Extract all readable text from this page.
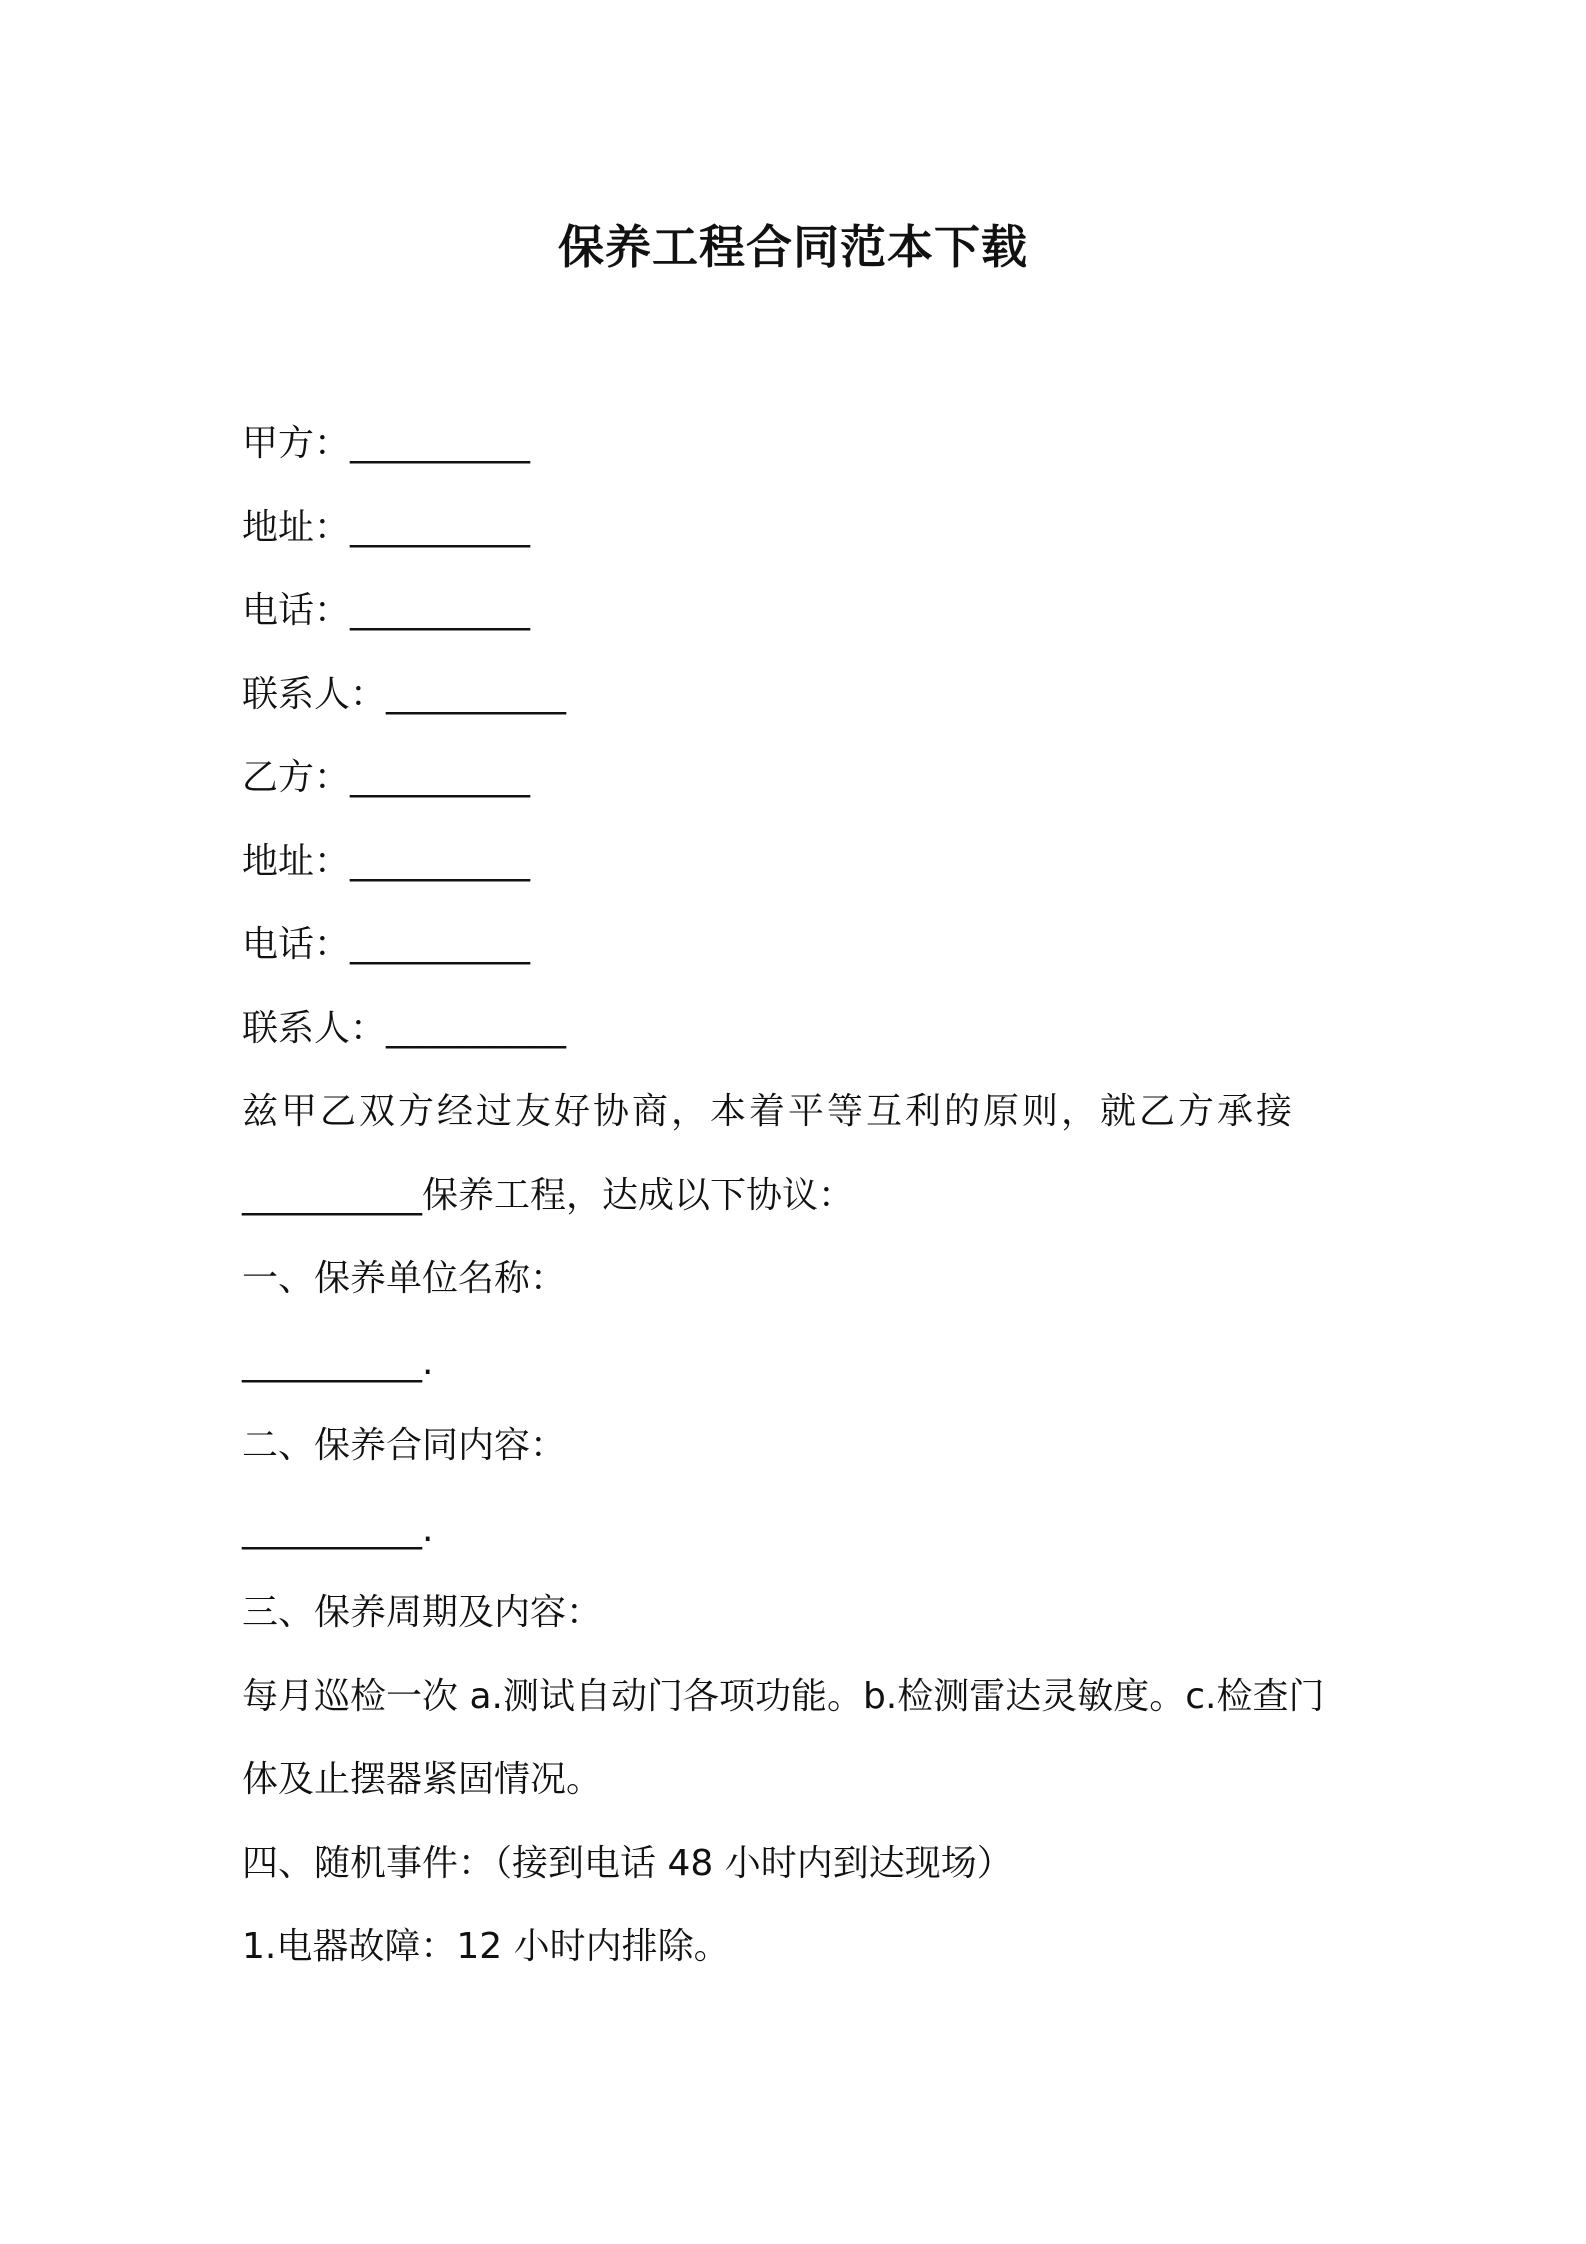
保养工程合同范本下载
甲方：__________
地址：__________
电话：__________
联系人：__________
乙方：__________
地址：__________
电话：__________
联系人：__________
兹甲乙双方经过友好协商，本着平等互利的原则，就乙方承接
__________保养工程，达成以下协议：
一、保养单位名称：
__________.
二、保养合同内容：
__________.
三、保养周期及内容：
每月巡检一次 a.测试自动门各项功能。b.检测雷达灵敏度。c.检查门
体及止摆器紧固情况。
四、随机事件：（接到电话 48 小时内到达现场）
1.电器故障：12 小时内排除。
